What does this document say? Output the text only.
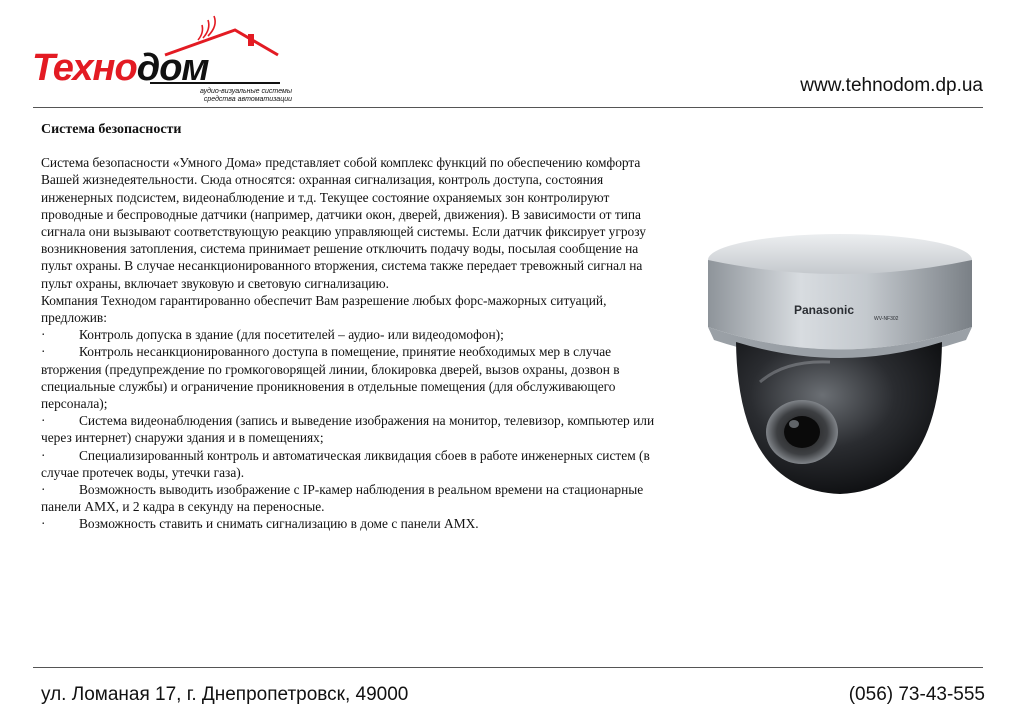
Технодом
аудио-визуальные системы
средства автоматизации
www.tehnodom.dp.ua
Система безопасности

Система безопасности «Умного Дома» представляет собой комплекс функций по обеспечению комфорта Вашей жизнедеятельности. Сюда относятся: охранная сигнализация, контроль доступа, состояния инженерных подсистем, видеонаблюдение и т.д. Текущее состояние охраняемых зон контролируют проводные и беспроводные датчики (например, датчики окон, дверей, движения). В зависимости от типа сигнала они вызывают соответствующую реакцию управляющей системы. Если датчик фиксирует угрозу возникновения затопления, система принимает решение отключить подачу воды, посылая сообщение на пульт охраны. В случае несанкционированного вторжения, система также передает тревожный сигнал на пульт охраны, включает звуковую и световую сигнализацию.

Компания Технодом гарантированно обеспечит Вам разрешение любых форс-мажорных ситуаций, предложив:

·	Контроль допуска в здание (для посетителей – аудио- или видеодомофон);
·	Контроль несанкционированного доступа в помещение, принятие необходимых мер в случае вторжения (предупреждение по громкоговорящей линии, блокировка дверей, вызов охраны, дозвон в специальные службы) и ограничение проникновения в отдельные помещения (для обслуживающего персонала);
·	Система видеонаблюдения (запись и выведение изображения на монитор, телевизор, компьютер или через интернет) снаружи здания и в помещениях;
·	Специализированный контроль и автоматическая ликвидация сбоев в работе инженерных систем (в случае протечек воды, утечки газа).
·	Возможность выводить изображение с IP-камер наблюдения в реальном времени на стационарные панели AMX, и 2 кадра в секунду на переносные.
·	Возможность ставить и снимать сигнализацию в доме с панели AMX.
Panasonic
WV-NF302
ул. Ломаная 17, г. Днепропетровск, 49000	(056) 73-43-555
